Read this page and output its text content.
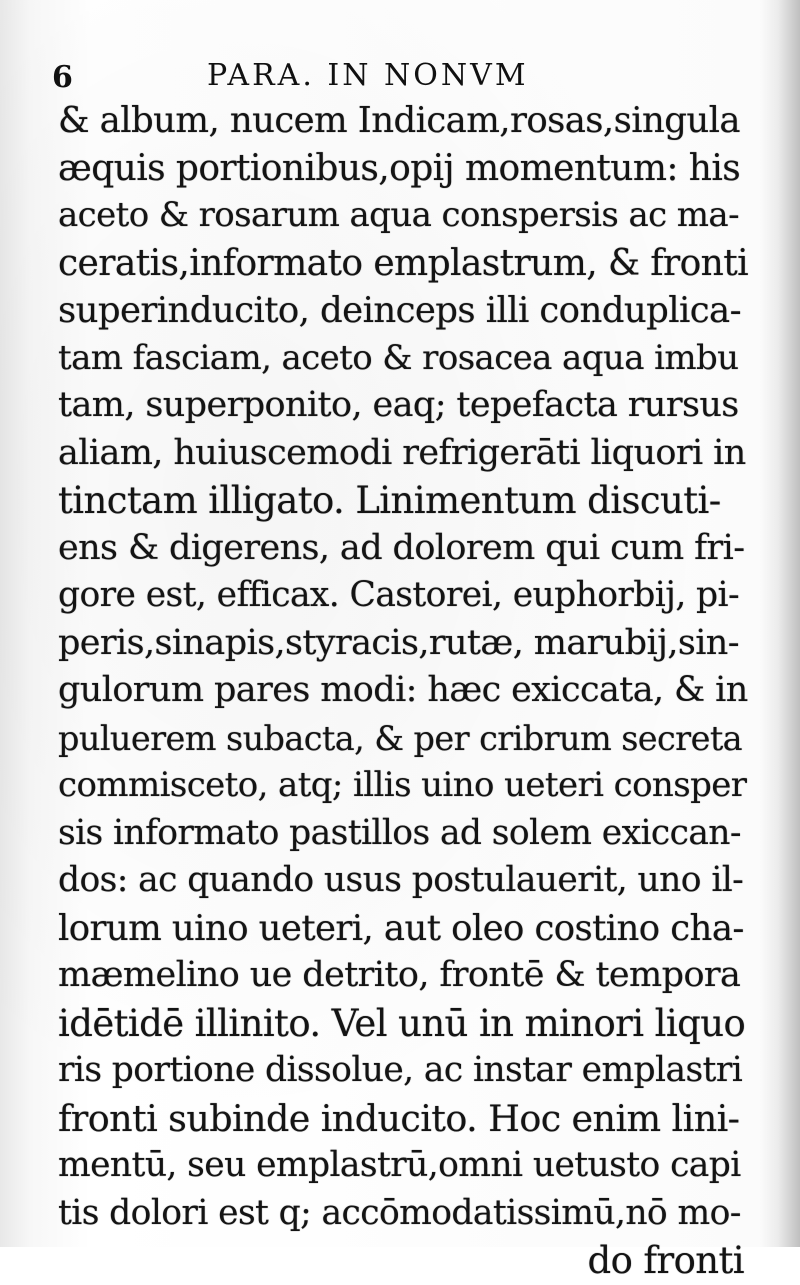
6	PARA. IN NONVM
& album, nucem Indicam,rosas,singula
æquis portionibus,opij momentum: his
aceto & rosarum aqua conspersis ac ma-
ceratis,informato emplastrum, & fronti
superinducito, deinceps illi conduplica-
tam fasciam, aceto & rosacea aqua imbu
tam, superponito, eaq; tepefacta rursus
aliam, huiuscemodi refrigerāti liquori in
tinctam illigato. Linimentum discuti-
ens & digerens, ad dolorem qui cum fri-
gore est, efficax. Castorei, euphorbij, pi-
peris,sinapis,styracis,rutæ, marubij,sin-
gulorum pares modi: hæc exiccata, & in
puluerem subacta, & per cribrum secreta
commisceto, atq; illis uino ueteri consper
sis informato pastillos ad solem exiccan-
dos: ac quando usus postulauerit, uno il-
lorum uino ueteri, aut oleo costino cha-
mæmelino ue detrito, frontē & tempora
idētidē illinito. Vel unū in minori liquo
ris portione dissolue, ac instar emplastri
fronti subinde inducito. Hoc enim lini-
mentū, seu emplastrū,omni uetusto capi
tis dolori est q; accōmodatissimū,nō mo-
do fronti
